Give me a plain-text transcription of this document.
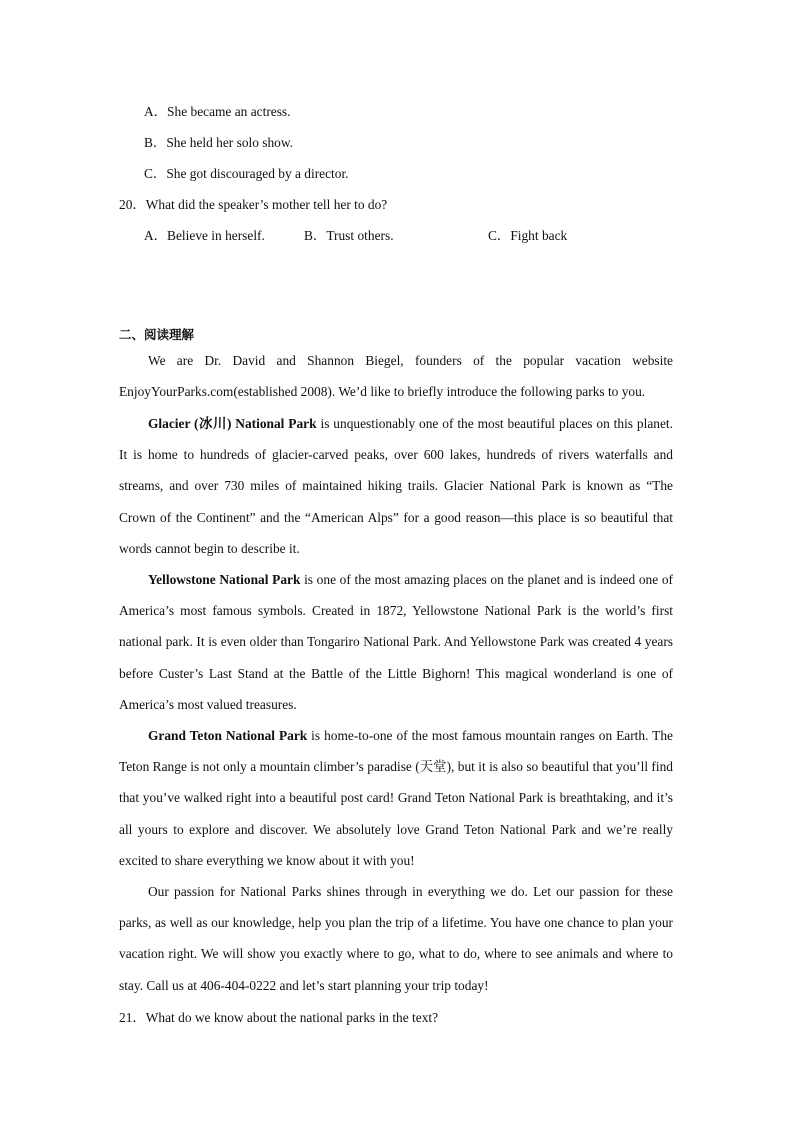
A．She became an actress.
B．She held her solo show.
C．She got discouraged by a director.
20．What did the speaker’s mother tell her to do?
A．Believe in herself.	B．Trust others.	C．Fight back
二、阅读理解
We are Dr. David and Shannon Biegel, founders of the popular vacation website EnjoyYourParks.com(established 2008). We’d like to briefly introduce the following parks to you.
Glacier (冰川) National Park is unquestionably one of the most beautiful places on this planet. It is home to hundreds of glacier-carved peaks, over 600 lakes, hundreds of rivers waterfalls and streams, and over 730 miles of maintained hiking trails. Glacier National Park is known as “The Crown of the Continent” and the “American Alps” for a good reason—this place is so beautiful that words cannot begin to describe it.
Yellowstone National Park is one of the most amazing places on the planet and is indeed one of America’s most famous symbols. Created in 1872, Yellowstone National Park is the world’s first national park. It is even older than Tongariro National Park. And Yellowstone Park was created 4 years before Custer’s Last Stand at the Battle of the Little Bighorn! This magical wonderland is one of America’s most valued treasures.
Grand Teton National Park is home-to-one of the most famous mountain ranges on Earth. The Teton Range is not only a mountain climber’s paradise (天堂), but it is also so beautiful that you’ll find that you’ve walked right into a beautiful post card! Grand Teton National Park is breathtaking, and it’s all yours to explore and discover. We absolutely love Grand Teton National Park and we’re really excited to share everything we know about it with you!
Our passion for National Parks shines through in everything we do. Let our passion for these parks, as well as our knowledge, help you plan the trip of a lifetime. You have one chance to plan your vacation right. We will show you exactly where to go, what to do, where to see animals and where to stay. Call us at 406-404-0222 and let’s start planning your trip today!
21．What do we know about the national parks in the text?
